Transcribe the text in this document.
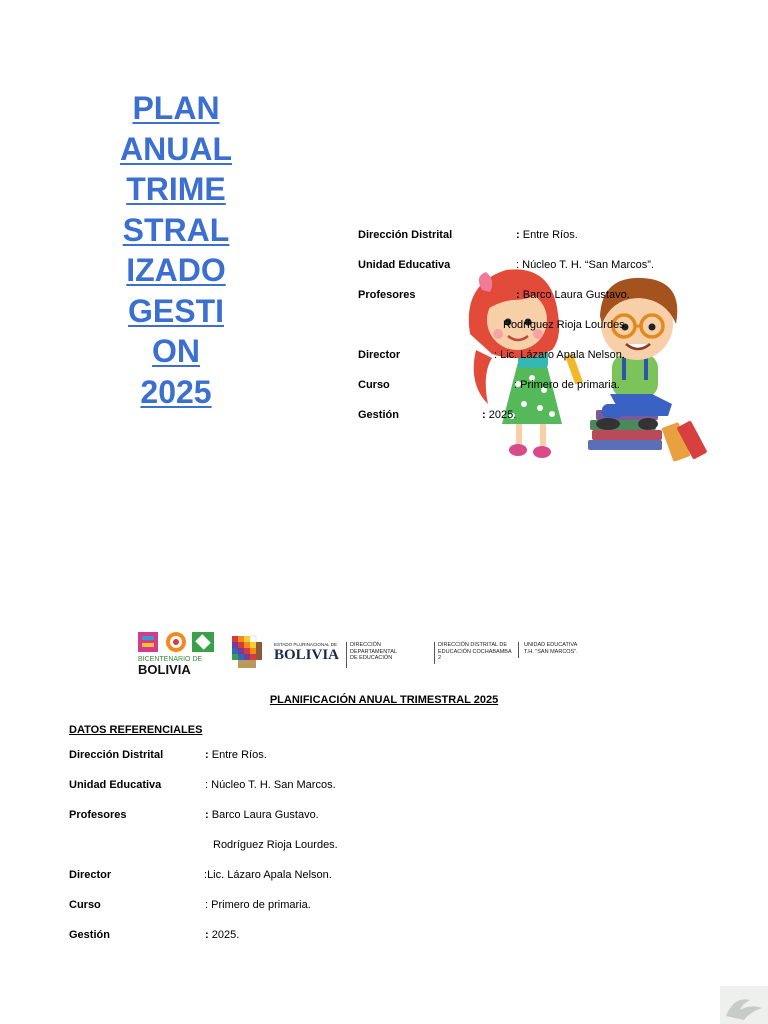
PLAN
ANUAL
TRIME
STRAL
IZADO
GESTI
ON
2025
Dirección Distrital	: Entre Ríos.
Unidad Educativa	: Núcleo T. H. “San Marcos”.
Profesores	: Barco Laura Gustavo.
Rodríguez Rioja Lourdes.
Director	: Lic. Lázaro Apala Nelson.
Curso	: Primero de primaria.
Gestión	: 2025.
BICENTENARIO DE
BOLIVIA
ESTADO PLURINACIONAL DE
BOLIVIA
DIRECCIÓN
DEPARTAMENTAL
DE EDUCACIÓN
DIRECCIÓN DISTRITAL DE
EDUCACIÓN COCHABAMBA
2
UNIDAD EDUCATIVA
T.H. "SAN MARCOS".
PLANIFICACIÓN ANUAL TRIMESTRAL 2025
DATOS REFERENCIALES
Dirección Distrital	: Entre Ríos.
Unidad Educativa	: Núcleo T. H. San Marcos.
Profesores	: Barco Laura Gustavo.
Rodríguez Rioja Lourdes.
Director	:Lic. Lázaro Apala Nelson.
Curso	: Primero de primaria.
Gestión	: 2025.
